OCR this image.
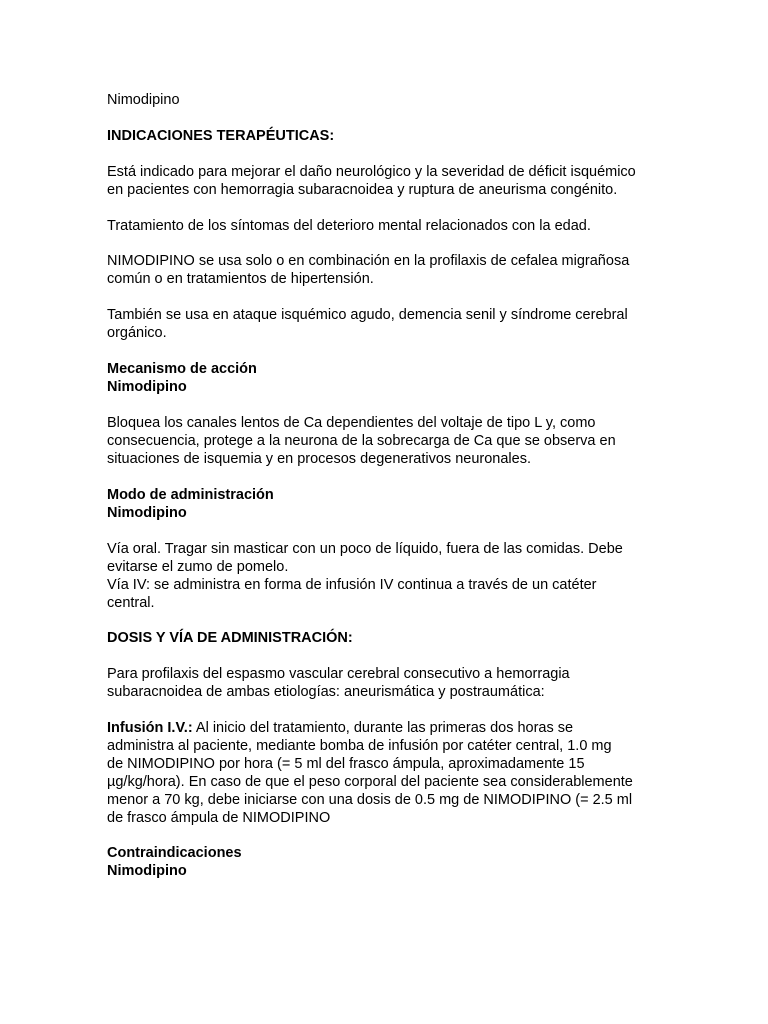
Nimodipino

INDICACIONES TERAPÉUTICAS:

Está indicado para mejorar el daño neurológico y la severidad de déficit isquémico
en pacientes con hemorragia subaracnoidea y ruptura de aneurisma congénito.

Tratamiento de los síntomas del deterioro mental relacionados con la edad.

NIMODIPINO se usa solo o en combinación en la profilaxis de cefalea migrañosa
común o en tratamientos de hipertensión.

También se usa en ataque isquémico agudo, demencia senil y síndrome cerebral
orgánico.

Mecanismo de acción
Nimodipino

Bloquea los canales lentos de Ca dependientes del voltaje de tipo L y, como
consecuencia, protege a la neurona de la sobrecarga de Ca que se observa en
situaciones de isquemia y en procesos degenerativos neuronales.

Modo de administración
Nimodipino

Vía oral. Tragar sin masticar con un poco de líquido, fuera de las comidas. Debe
evitarse el zumo de pomelo.
Vía IV: se administra en forma de infusión IV continua a través de un catéter
central.

DOSIS Y VÍA DE ADMINISTRACIÓN:

Para profilaxis del espasmo vascular cerebral consecutivo a hemorragia
subaracnoidea de ambas etiologías: aneurismática y postraumática:

Infusión I.V.: Al inicio del tratamiento, durante las primeras dos horas se
administra al paciente, mediante bomba de infusión por catéter central, 1.0 mg
de NIMODIPINO por hora (= 5 ml del frasco ámpula, aproximadamente 15
µg/kg/hora). En caso de que el peso corporal del paciente sea considerablemente
menor a 70 kg, debe iniciarse con una dosis de 0.5 mg de NIMODIPINO (= 2.5 ml
de frasco ámpula de NIMODIPINO

Contraindicaciones
Nimodipino
